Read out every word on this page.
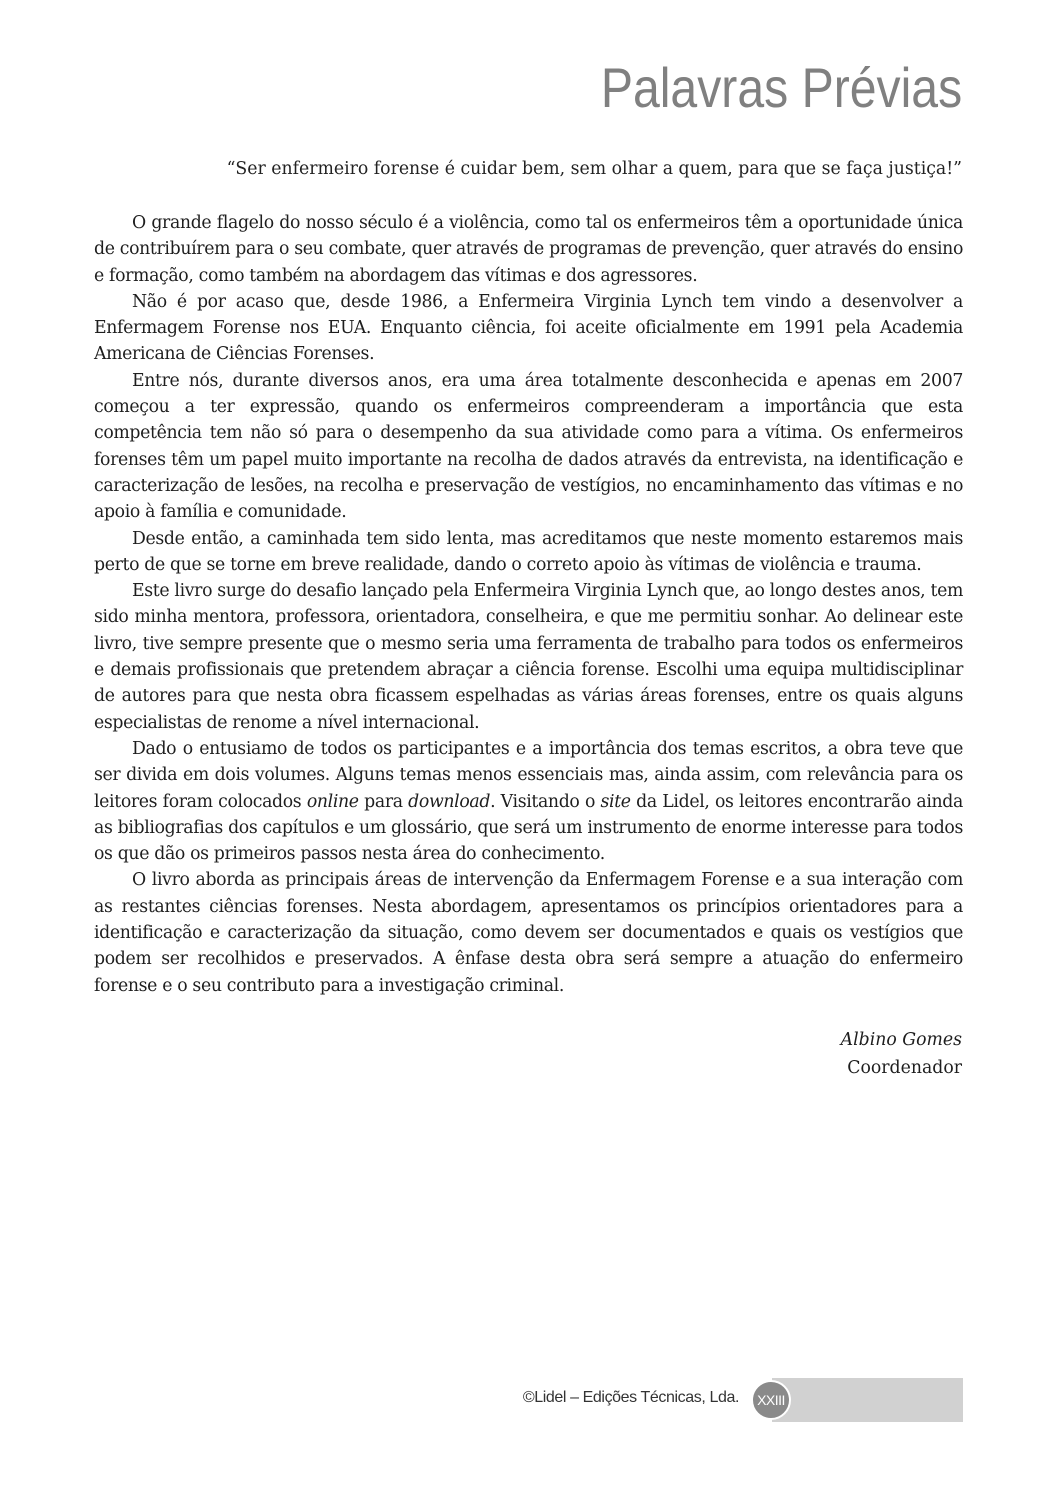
Palavras Prévias
“Ser enfermeiro forense é cuidar bem, sem olhar a quem, para que se faça justiça!”

O grande flagelo do nosso século é a violência, como tal os enfermeiros têm a oportunidade única de contribuírem para o seu combate, quer através de programas de prevenção, quer através do ensino e formação, como também na abordagem das vítimas e dos agressores.

Não é por acaso que, desde 1986, a Enfermeira Virginia Lynch tem vindo a desenvolver a Enfermagem Forense nos EUA. Enquanto ciência, foi aceite oficialmente em 1991 pela Academia Americana de Ciências Forenses.

Entre nós, durante diversos anos, era uma área totalmente desconhecida e apenas em 2007 começou a ter expressão, quando os enfermeiros compreenderam a importância que esta competência tem não só para o desempenho da sua atividade como para a vítima. Os enfermeiros forenses têm um papel muito importante na recolha de dados através da entrevista, na identificação e caracterização de lesões, na recolha e preservação de vestígios, no encaminhamento das vítimas e no apoio à família e comunidade.

Desde então, a caminhada tem sido lenta, mas acreditamos que neste momento estaremos mais perto de que se torne em breve realidade, dando o correto apoio às vítimas de violência e trauma.

Este livro surge do desafio lançado pela Enfermeira Virginia Lynch que, ao longo destes anos, tem sido minha mentora, professora, orientadora, conselheira, e que me permitiu sonhar. Ao delinear este livro, tive sempre presente que o mesmo seria uma ferramenta de trabalho para todos os enfermeiros e demais profissionais que pretendem abraçar a ciência forense. Escolhi uma equipa multidisciplinar de autores para que nesta obra ficassem espelhadas as várias áreas forenses, entre os quais alguns especialistas de renome a nível internacional.

Dado o entusiamo de todos os participantes e a importância dos temas escritos, a obra teve que ser divida em dois volumes. Alguns temas menos essenciais mas, ainda assim, com relevância para os leitores foram colocados online para download. Visitando o site da Lidel, os leitores encontrarão ainda as bibliografias dos capítulos e um glossário, que será um instrumento de enorme interesse para todos os que dão os primeiros passos nesta área do conhecimento.

O livro aborda as principais áreas de intervenção da Enfermagem Forense e a sua interação com as restantes ciências forenses. Nesta abordagem, apresentamos os princípios orientadores para a identificação e caracterização da situação, como devem ser documentados e quais os vestígios que podem ser recolhidos e preservados. A ênfase desta obra será sempre a atuação do enfermeiro forense e o seu contributo para a investigação criminal.

Albino Gomes
Coordenador
©Lidel – Edições Técnicas, Lda.	XXIII
